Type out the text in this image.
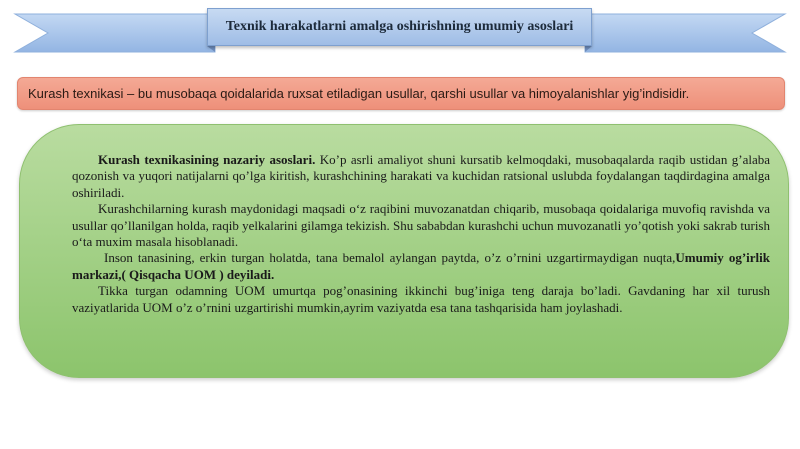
Texnik harakatlarni amalga oshirishning umumiy asoslari
Kurash texnikasi – bu musobaqa qoidalarida ruxsat etiladigan usullar, qarshi usullar va himoyalanishlar yig’indisidir.

Kurash texnikasining nazariy asoslari. Ko’p asrli amaliyot shuni kursatib kelmoqdaki, musobaqalarda raqib ustidan g’alaba qozonish va yuqori natijalarni qo’lga kiritish, kurashchining harakati va kuchidan ratsional uslubda foydalangan taqdirdagina amalga oshiriladi.

Kurashchilarning kurash maydonidagi maqsadi o‘z raqibini muvozanatdan chiqarib, musobaqa qoidalariga muvofiq ravishda va usullar qo’llanilgan holda, raqib yelkalarini gilamga tekizish. Shu sababdan kurashchi uchun muvozanatli yo’qotish yoki sakrab turish o‘ta muxim masala hisoblanadi.

Inson tanasining, erkin turgan holatda, tana bemalol aylangan paytda, o’z o’rnini uzgartirmaydigan nuqta,Umumiy og’irlik markazi,( Qisqacha UOM ) deyiladi.

Tikka turgan odamning UOM umurtqa pog’onasining ikkinchi bug’iniga teng daraja bo’ladi. Gavdaning har xil turush vaziyatlarida UOM o’z o’rnini uzgartirishi mumkin,ayrim vaziyatda esa tana tashqarisida ham joylashadi.
